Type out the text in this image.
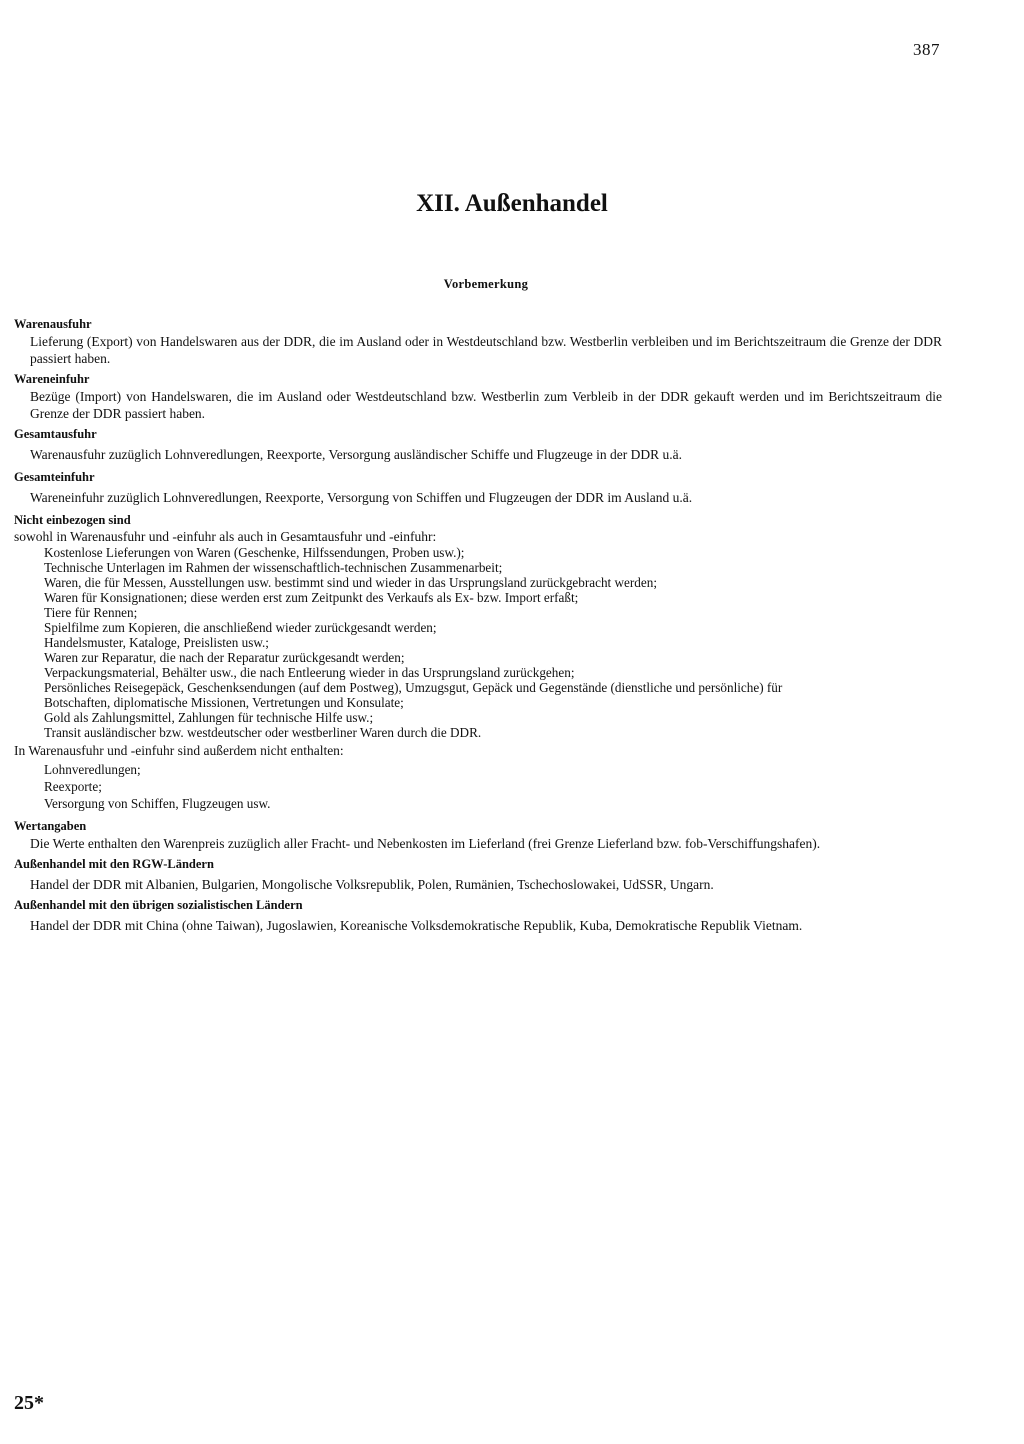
387
XII. Außenhandel
Vorbemerkung
Warenausfuhr
Lieferung (Export) von Handelswaren aus der DDR, die im Ausland oder in Westdeutschland bzw. Westberlin verbleiben und im Berichtszeitraum die Grenze der DDR passiert haben.
Wareneinfuhr
Bezüge (Import) von Handelswaren, die im Ausland oder Westdeutschland bzw. Westberlin zum Verbleib in der DDR gekauft werden und im Berichtszeitraum die Grenze der DDR passiert haben.
Gesamtausfuhr
Warenausfuhr zuzüglich Lohnveredlungen, Reexporte, Versorgung ausländischer Schiffe und Flugzeuge in der DDR u.ä.
Gesamteinfuhr
Wareneinfuhr zuzüglich Lohnveredlungen, Reexporte, Versorgung von Schiffen und Flugzeugen der DDR im Ausland u.ä.
Nicht einbezogen sind
sowohl in Warenausfuhr und -einfuhr als auch in Gesamtausfuhr und -einfuhr:
Kostenlose Lieferungen von Waren (Geschenke, Hilfssendungen, Proben usw.);
Technische Unterlagen im Rahmen der wissenschaftlich-technischen Zusammenarbeit;
Waren, die für Messen, Ausstellungen usw. bestimmt sind und wieder in das Ursprungsland zurückgebracht werden;
Waren für Konsignationen; diese werden erst zum Zeitpunkt des Verkaufs als Ex- bzw. Import erfaßt;
Tiere für Rennen;
Spielfilme zum Kopieren, die anschließend wieder zurückgesandt werden;
Handelsmuster, Kataloge, Preislisten usw.;
Waren zur Reparatur, die nach der Reparatur zurückgesandt werden;
Verpackungsmaterial, Behälter usw., die nach Entleerung wieder in das Ursprungsland zurückgehen;
Persönliches Reisegepäck, Geschenksendungen (auf dem Postweg), Umzugsgut, Gepäck und Gegenstände (dienstliche und persönliche) für
Botschaften, diplomatische Missionen, Vertretungen und Konsulate;
Gold als Zahlungsmittel, Zahlungen für technische Hilfe usw.;
Transit ausländischer bzw. westdeutscher oder westberliner Waren durch die DDR.
In Warenausfuhr und -einfuhr sind außerdem nicht enthalten:
Lohnveredlungen;
Reexporte;
Versorgung von Schiffen, Flugzeugen usw.
Wertangaben
Die Werte enthalten den Warenpreis zuzüglich aller Fracht- und Nebenkosten im Lieferland (frei Grenze Lieferland bzw. fob-Verschiffungshafen).
Außenhandel mit den RGW-Ländern
Handel der DDR mit Albanien, Bulgarien, Mongolische Volksrepublik, Polen, Rumänien, Tschechoslowakei, UdSSR, Ungarn.
Außenhandel mit den übrigen sozialistischen Ländern
Handel der DDR mit China (ohne Taiwan), Jugoslawien, Koreanische Volksdemokratische Republik, Kuba, Demokratische Republik Vietnam.
25*
